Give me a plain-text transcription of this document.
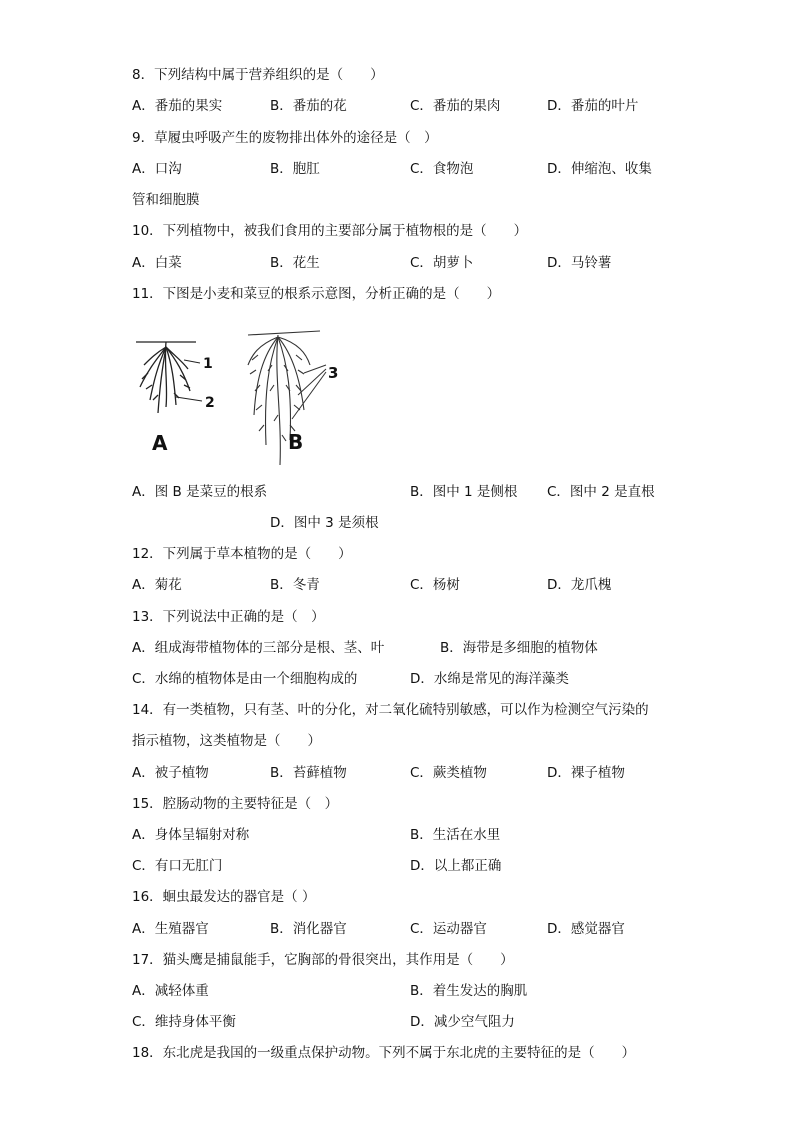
8．下列结构中属于营养组织的是（　　）
A．番茄的果实	B．番茄的花	C．番茄的果肉	D．番茄的叶片
9．草履虫呼吸产生的废物排出体外的途径是（　）
A．口沟	B．胞肛	C．食物泡	D．伸缩泡、收集
管和细胞膜
10．下列植物中，被我们食用的主要部分属于植物根的是（　　）
A．白菜	B．花生	C．胡萝卜	D．马铃薯
11．下图是小麦和菜豆的根系示意图，分析正确的是（　　）
1
2
A
3
B
A．图 B 是菜豆的根系	B．图中 1 是侧根 C．图中 2 是直根
D．图中 3 是须根
12．下列属于草本植物的是（　　）
A．菊花	B．冬青	C．杨树	D．龙爪槐
13．下列说法中正确的是（　）
A．组成海带植物体的三部分是根、茎、叶	B．海带是多细胞的植物体
C．水绵的植物体是由一个细胞构成的	D．水绵是常见的海洋藻类
14．有一类植物，只有茎、叶的分化，对二氧化硫特别敏感，可以作为检测空气污染的
指示植物，这类植物是（　　）
A．被子植物	B．苔藓植物	C．蕨类植物	D．裸子植物
15．腔肠动物的主要特征是（　）
A．身体呈辐射对称	B．生活在水里
C．有口无肛门	D．以上都正确
16．蛔虫最发达的器官是（ ）
A．生殖器官	B．消化器官	C．运动器官	D．感觉器官
17．猫头鹰是捕鼠能手，它胸部的骨很突出，其作用是（　　）
A．减轻体重	B．着生发达的胸肌
C．维持身体平衡	D．减少空气阻力
18．东北虎是我国的一级重点保护动物。下列不属于东北虎的主要特征的是（　　）
